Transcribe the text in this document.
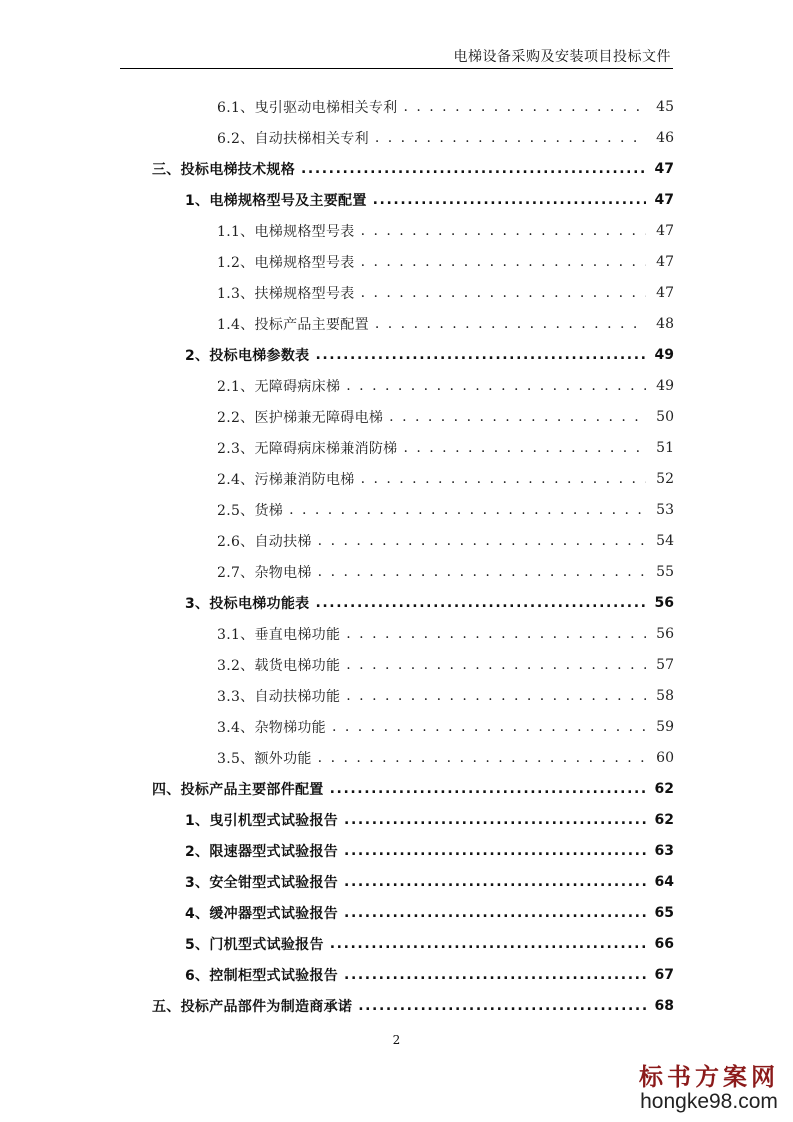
电梯设备采购及安装项目投标文件
6.1、曳引驱动电梯相关专利 . . .	45
6.2、自动扶梯相关专利 . . .	46
三、投标电梯技术规格 .....	47
1、电梯规格型号及主要配置 .....	47
1.1、电梯规格型号表 . . .	47
1.2、电梯规格型号表 . . .	47
1.3、扶梯规格型号表 . . .	47
1.4、投标产品主要配置 . . .	48
2、投标电梯参数表 .....	49
2.1、无障碍病床梯 . . .	49
2.2、医护梯兼无障碍电梯 . . .	50
2.3、无障碍病床梯兼消防梯 . . .	51
2.4、污梯兼消防电梯 . . .	52
2.5、货梯 . . .	53
2.6、自动扶梯 . . .	54
2.7、杂物电梯 . . .	55
3、投标电梯功能表 .....	56
3.1、垂直电梯功能 . . .	56
3.2、载货电梯功能 . . .	57
3.3、自动扶梯功能 . . .	58
3.4、杂物梯功能 . . .	59
3.5、额外功能 . . .	60
四、投标产品主要部件配置 .....	62
1、曳引机型式试验报告 .....	62
2、限速器型式试验报告 .....	63
3、安全钳型式试验报告 .....	64
4、缓冲器型式试验报告 .....	65
5、门机型式试验报告 .....	66
6、控制柜型式试验报告 .....	67
五、投标产品部件为制造商承诺 .....	68
2
标书方案网
hongke98.com
